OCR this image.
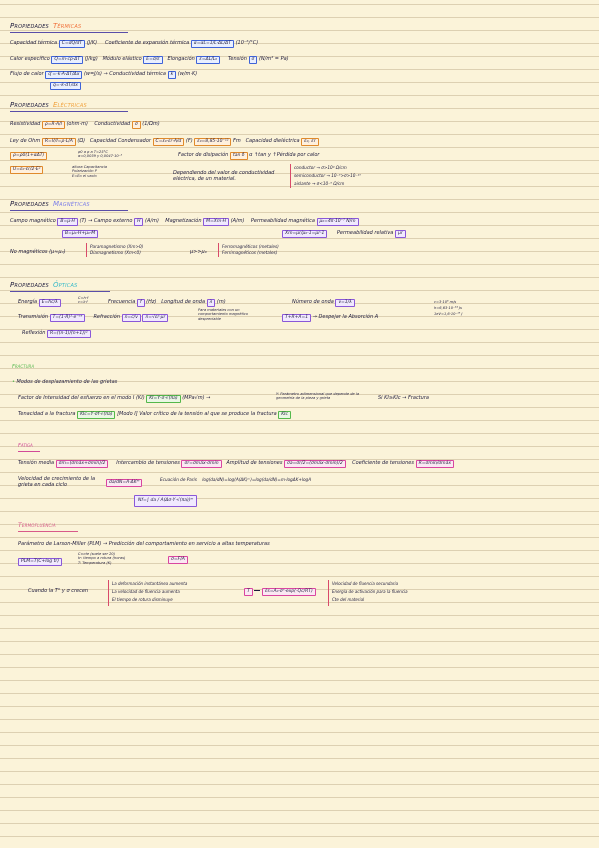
Propiedades Térmicas
Capacidad térmica C=dQ/dT (J/K) Coeficiente de expansión térmica α=αL=1/L·ΔL/ΔT (10⁻⁶/°C)
Calor específico Q=m·cp·ΔT (J/kg) Módulo elástico E=σ/ε Elongación ε=ΔL/L₀ Tensión σ (N/m² = Pa)
Flujo de calor q'=-k·A·ΔT/Δx (w=J/s) → Conductividad térmica k (w/m·K)
q=-k·dT/dx
Propiedades Eléctricas
Resistividad ρ=R·A/l (ohm·m) Conductividad σ (1/Ωm)
Ley de Ohm R=V/I=ρ·L/A (Ω) Capacidad Condensador C=ε₀·εr·A/d (F) ε₀=8,85·10⁻¹² Fm Capacidad dieléctrica ε₀, εr
ρ=ρ0(1+αΔT)
ρ0 a ρ a T=25°C
α=0,0039 y 0,0047·10⁻³	Factor de disipación tan δ α ↑tan y ↑Pérdida por calor
U=ε₀·εr/2·E²	altura Capacitancia
Polarización P
E=Eo el vacío	Dependiendo del valor de conductividad eléctrica, de un material.
conductor → σ>10⁴ Ω/cm
semiconductor → 10⁻⁶>σ>10⁻¹⁰
aislante → σ<10⁻⁶ Ω/cm
Propiedades Magnéticas
Campo magnético B=μ·H (T) → Campo externo H (A/m) Magnetización M=Xm·H (A/m) Permeabilidad magnética μ₀=4π·10⁻⁷ N/m
B=μ₀·H+μ₀·M	Xm=μr/μ₀-1=μr-1	Permeabilidad relativa μr
No magnéticos (μ≈μ₀)
Paramagnetismo (Xm>0)
Diamagnetismo (Xm<0)	μ>>μ₀
Ferromagnéticos (metales)
Ferrimagnéticos (metales)
Propiedades Ópticas
Energía E=hc/λ
C=h·f
c=λ·f	Frecuencia f (Hz) Longitud de onda λ (m)	Número de onda ν=1/λ	c=3·10⁸ m/s
h=6,63·10⁻³⁴ Js
1eV=1,6·10⁻¹⁹ J
Transmisión T=(1-R)²·e⁻ᵅˣ Refracción n=c/v n=√εr·μr
Para materiales con un comportamiento magnético despreciable	T+R+A=1 → Despejar la Absorción A
Reflexión R=((n-1)/(n+1))²
Fractura
• Modos de desplazamiento de las grietas
Factor de Intensidad del esfuerzo en el modo I (KI) KI=Y·σ·√(πa) (MPa√m) →
Y: Parámetro adimensional que depende de la geometría de la pieza y grieta	Si KI≥KIc → Fractura
Tenacidad a la fractura KIc=Y·σf·√(πa) [Modo I] Valor crítico de la tensión al que se produce la fractura KIc
Fatiga
Tensión media σm=(σmáx+σmín)/2 Intercambio de tensiones σr=σmáx-σmín Amplitud de tensiones σa=σr/2=(σmáx-σmín)/2 Coeficiente de tensiones R=σmín/σmáx
Velocidad de crecimiento de la grieta en cada ciclo	da/dN=A·ΔKᵐ
Ecuación de París log(da/dN)=log(A(ΔK)ᵐ)=log(da/dN)=m·logΔK+logA
Nf=∫ da / A(Δσ·Y·√(πa))ᵐ
Termofluencia
Parámetro de Larson-Miller (PLM) → Predicción del comportamiento en servicio a altas temperaturas
PLM=T(C+log tr)
C≈cte (suele ser 20)
tr: tiempo a rotura (horas)
T: Temperatura (K)
σ=F/A
Cuando la T° y σ crecen
La deformación instantánea aumenta
La velocidad de fluencia aumenta
El tiempo de rotura disminuye
T	ε̇s=A₀·σⁿ·exp(-Qc/RT)
Velocidad de fluencia secundaria
Energía de activación para la fluencia
Cte del material
